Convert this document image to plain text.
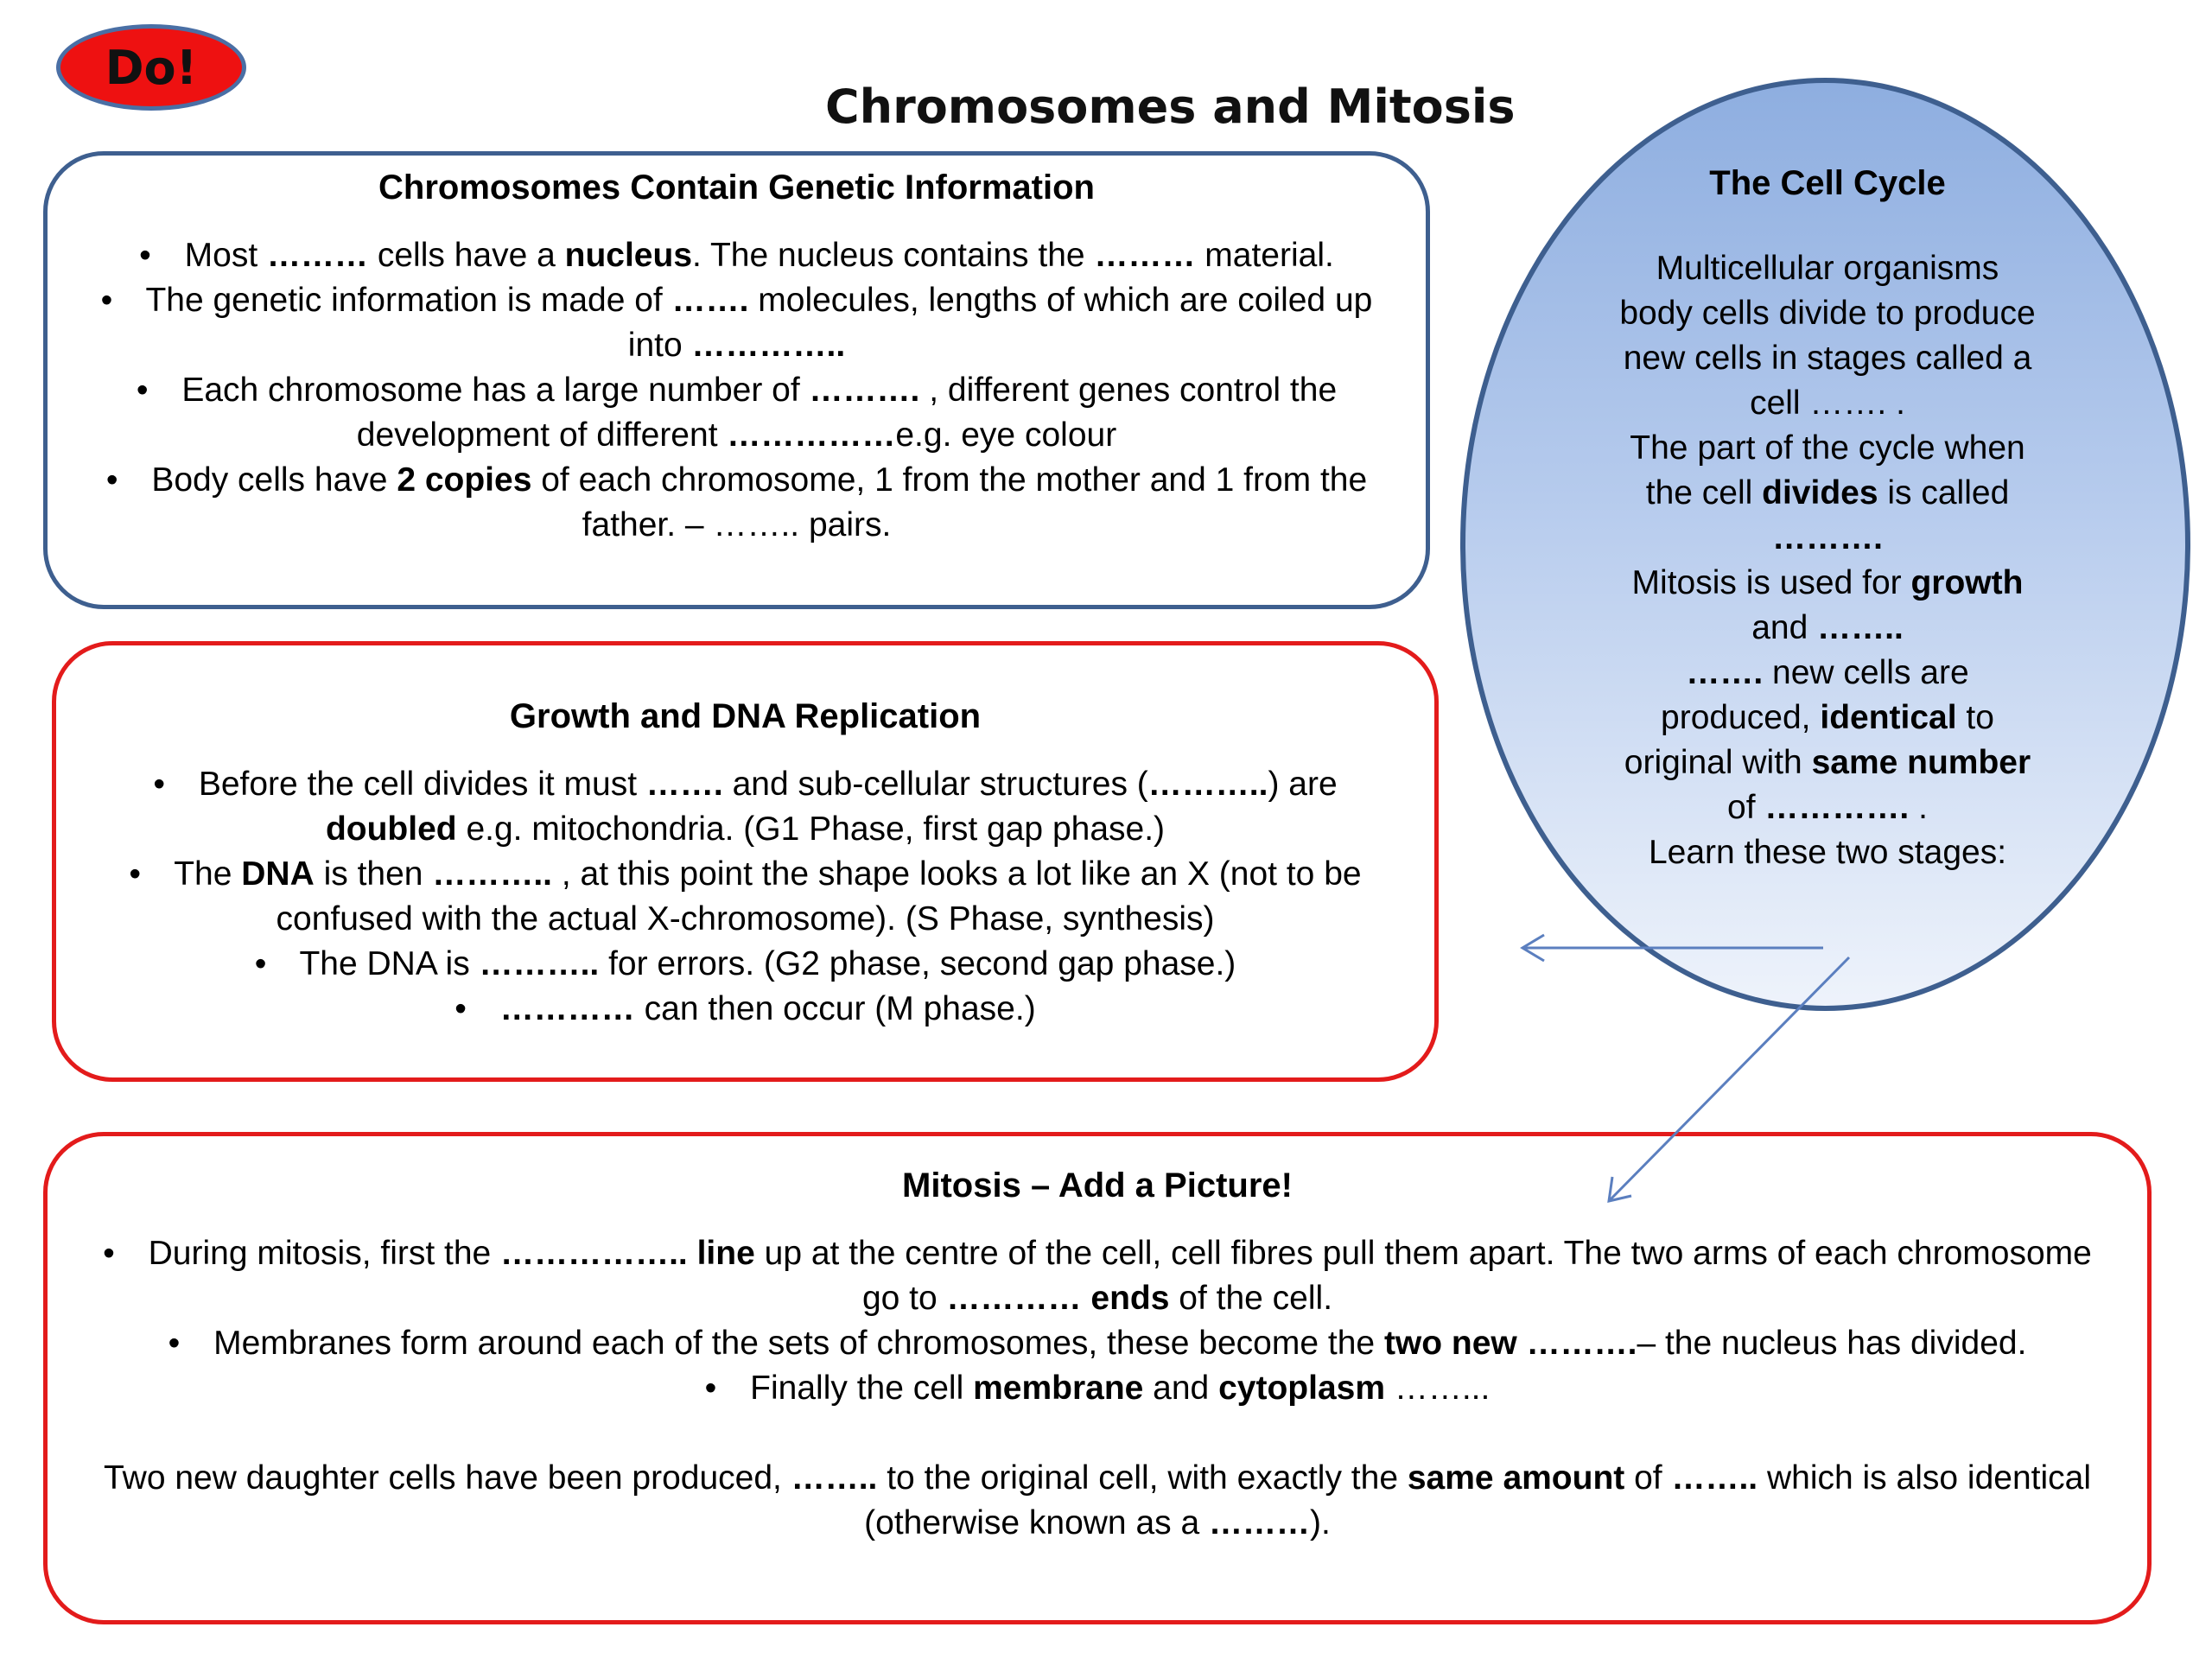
Do!
Chromosomes and Mitosis
Chromosomes Contain Genetic Information
• Most ……… cells have a nucleus. The nucleus contains the ……… material.
• The genetic information is made of ……. molecules, lengths of which are coiled up into …………..
• Each chromosome has a large number of ………. , different genes control the development of different ……………e.g. eye colour
• Body cells have 2 copies of each chromosome, 1 from the mother and 1 from the father. – …….. pairs.
Growth and DNA Replication
• Before the cell divides it must ……. and sub-cellular structures (………..) are doubled e.g. mitochondria. (G1 Phase, first gap phase.)
• The DNA is then ……….. , at this point the shape looks a lot like an X (not to be confused with the actual X-chromosome). (S Phase, synthesis)
• The DNA is ……….. for errors. (G2 phase, second gap phase.)
• ………… can then occur (M phase.)
Mitosis – Add a Picture!
• During mitosis, first the …………….. line up at the centre of the cell, cell fibres pull them apart. The two arms of each chromosome go to ………… ends of the cell.
• Membranes form around each of the sets of chromosomes, these become the two new ……….– the nucleus has divided.
• Finally the cell membrane and cytoplasm ……...

Two new daughter cells have been produced, …….. to the original cell, with exactly the same amount of …….. which is also identical (otherwise known as a ………).

The Cell Cycle
Multicellular organisms
body cells divide to produce
new cells in stages called a
cell ……. .
The part of the cycle when
the cell divides is called
……….
Mitosis is used for growth
and ……..
……. new cells are
produced, identical to
original with same number
of …………. .
Learn these two stages:
